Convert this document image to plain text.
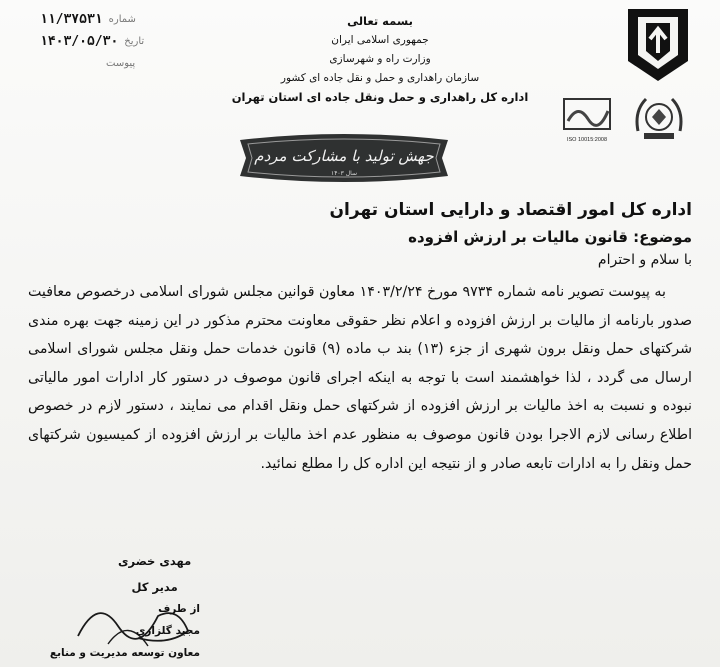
شماره
۱۱/۳۷۵۳۱
تاریخ
۱۴۰۳/۰۵/۳۰
پیوست
بسمه تعالی
جمهوری اسلامی ایران
وزارت راه و شهرسازی
سازمان راهداری و حمل و نقل جاده ای کشور
اداره کل راهداری و حمل ونقل جاده ای استان تهران
ISO 10015:2008
جهش تولید با مشارکت مردم
سال ۱۴۰۳
اداره کل امور اقتصاد و دارایی استان تهران
موضوع: قانون مالیات بر ارزش افزوده
با سلام و احترام

به پیوست تصویر نامه شماره ۹۷۳۴ مورخ ۱۴۰۳/۲/۲۴ معاون قوانین مجلس شورای اسلامی درخصوص معافیت صدور بارنامه از مالیات بر ارزش افزوده و اعلام نظر حقوقی معاونت محترم مذکور در این زمینه جهت بهره مندی شرکتهای حمل ونقل برون شهری از جزء (۱۳) بند ب ماده (۹) قانون خدمات حمل ونقل مجلس شورای اسلامی ارسال می گردد ، لذا خواهشمند است با توجه به اینکه اجرای قانون موصوف در دستور کار ادارات امور مالیاتی نبوده و نسبت به اخذ مالیات بر ارزش افزوده از شرکتهای حمل ونقل اقدام می نمایند ، دستور لازم در خصوص اطلاع رسانی لازم الاجرا بودن قانون موصوف به منظور عدم اخذ مالیات بر ارزش افزوده از کمیسیون شرکتهای حمل ونقل را به ادارات تابعه صادر و از نتیجه این اداره کل را مطلع نمائید.

مهدی خضری
مدیر کل
از طرف
مجید گلزاری
معاون توسعه مدیریت و منابع
